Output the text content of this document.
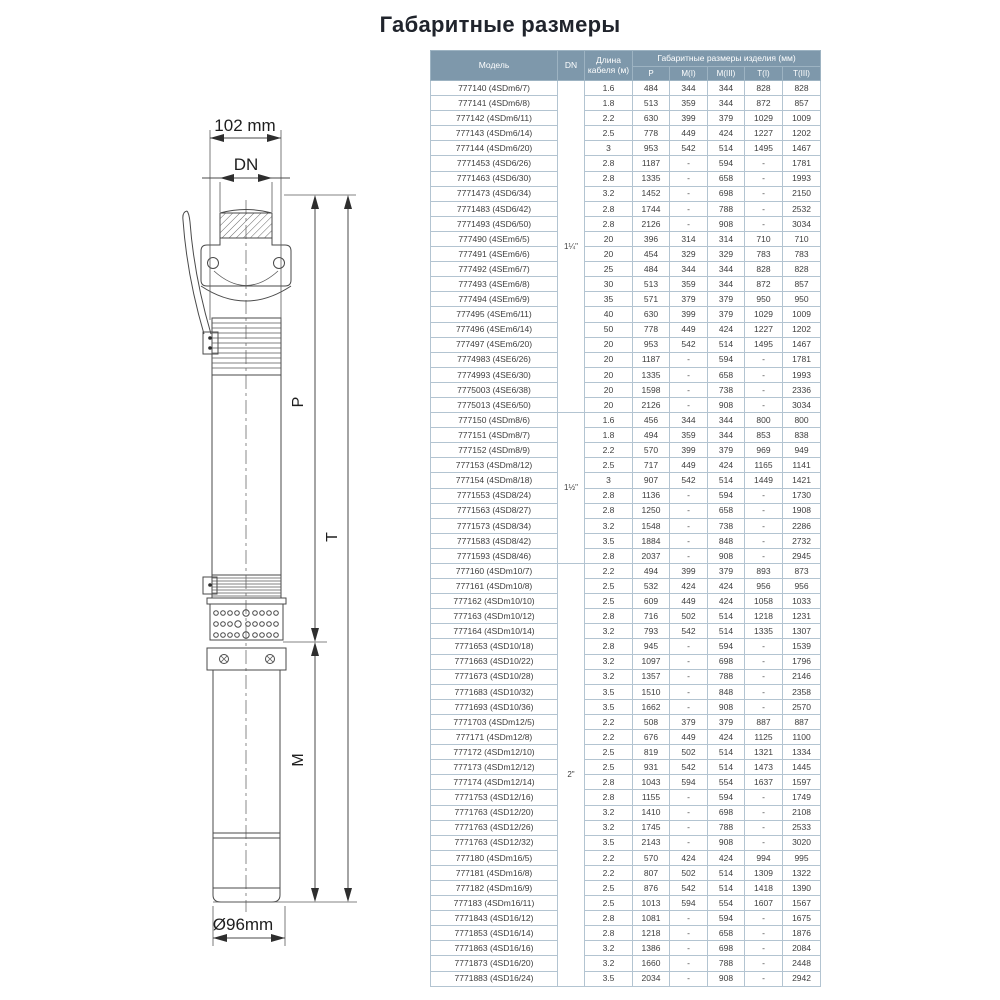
Габаритные размеры
102 mm
DN
P
T
M
Ø96mm
Модель	DN	Длина кабеля (м)	Габаритные размеры изделия (мм)				
			P	M(I)	M(III)	T(I)	T(III)
777140 (4SDm6/7)	1¼"	1.6	484	344	344	828	828
777141 (4SDm6/8)		1.8	513	359	344	872	857
777142 (4SDm6/11)		2.2	630	399	379	1029	1009
777143 (4SDm6/14)		2.5	778	449	424	1227	1202
777144 (4SDm6/20)		3	953	542	514	1495	1467
7771453 (4SD6/26)		2.8	1187	-	594	-	1781
7771463 (4SD6/30)		2.8	1335	-	658	-	1993
7771473 (4SD6/34)		3.2	1452	-	698	-	2150
7771483 (4SD6/42)		2.8	1744	-	788	-	2532
7771493 (4SD6/50)		2.8	2126	-	908	-	3034
777490 (4SEm6/5)		20	396	314	314	710	710
777491 (4SEm6/6)		20	454	329	329	783	783
777492 (4SEm6/7)		25	484	344	344	828	828
777493 (4SEm6/8)		30	513	359	344	872	857
777494 (4SEm6/9)		35	571	379	379	950	950
777495 (4SEm6/11)		40	630	399	379	1029	1009
777496 (4SEm6/14)		50	778	449	424	1227	1202
777497 (4SEm6/20)		20	953	542	514	1495	1467
7774983 (4SE6/26)		20	1187	-	594	-	1781
7774993 (4SE6/30)		20	1335	-	658	-	1993
7775003 (4SE6/38)		20	1598	-	738	-	2336
7775013 (4SE6/50)		20	2126	-	908	-	3034
777150 (4SDm8/6)	1½"	1.6	456	344	344	800	800
777151 (4SDm8/7)		1.8	494	359	344	853	838
777152 (4SDm8/9)		2.2	570	399	379	969	949
777153 (4SDm8/12)		2.5	717	449	424	1165	1141
777154 (4SDm8/18)		3	907	542	514	1449	1421
7771553 (4SD8/24)		2.8	1136	-	594	-	1730
7771563 (4SD8/27)		2.8	1250	-	658	-	1908
7771573 (4SD8/34)		3.2	1548	-	738	-	2286
7771583 (4SD8/42)		3.5	1884	-	848	-	2732
7771593 (4SD8/46)		2.8	2037	-	908	-	2945
777160 (4SDm10/7)	2"	2.2	494	399	379	893	873
777161 (4SDm10/8)		2.5	532	424	424	956	956
777162 (4SDm10/10)		2.5	609	449	424	1058	1033
777163 (4SDm10/12)		2.8	716	502	514	1218	1231
777164 (4SDm10/14)		3.2	793	542	514	1335	1307
7771653 (4SD10/18)		2.8	945	-	594	-	1539
7771663 (4SD10/22)		3.2	1097	-	698	-	1796
7771673 (4SD10/28)		3.2	1357	-	788	-	2146
7771683 (4SD10/32)		3.5	1510	-	848	-	2358
7771693 (4SD10/36)		3.5	1662	-	908	-	2570
7771703 (4SDm12/5)		2.2	508	379	379	887	887
777171 (4SDm12/8)		2.2	676	449	424	1125	1100
777172 (4SDm12/10)		2.5	819	502	514	1321	1334
777173 (4SDm12/12)		2.5	931	542	514	1473	1445
777174 (4SDm12/14)		2.8	1043	594	554	1637	1597
7771753 (4SD12/16)		2.8	1155	-	594	-	1749
7771763 (4SD12/20)		3.2	1410	-	698	-	2108
7771763 (4SD12/26)		3.2	1745	-	788	-	2533
7771763 (4SD12/32)		3.5	2143	-	908	-	3020
777180 (4SDm16/5)		2.2	570	424	424	994	995
777181 (4SDm16/8)		2.2	807	502	514	1309	1322
777182 (4SDm16/9)		2.5	876	542	514	1418	1390
777183 (4SDm16/11)		2.5	1013	594	554	1607	1567
7771843 (4SD16/12)		2.8	1081	-	594	-	1675
7771853 (4SD16/14)		2.8	1218	-	658	-	1876
7771863 (4SD16/16)		3.2	1386	-	698	-	2084
7771873 (4SD16/20)		3.2	1660	-	788	-	2448
7771883 (4SD16/24)		3.5	2034	-	908	-	2942
